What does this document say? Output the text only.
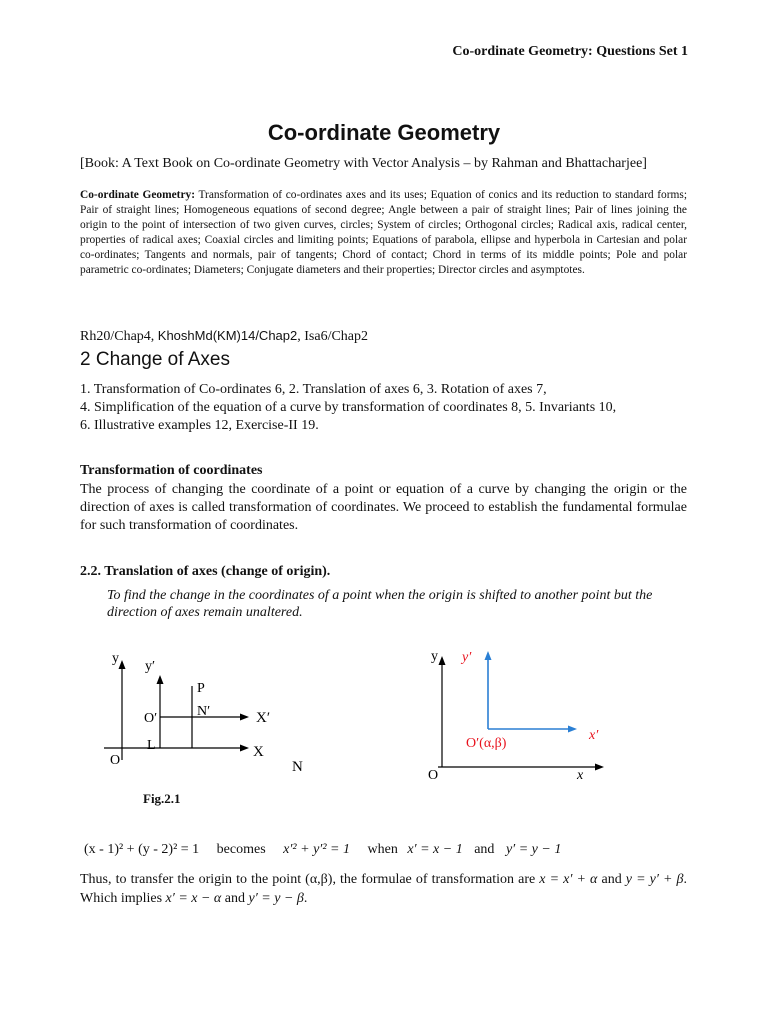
Co-ordinate Geometry: Questions Set 1
Co-ordinate Geometry
[Book: A Text Book on Co-ordinate Geometry with Vector Analysis – by Rahman and Bhattacharjee]
Co-ordinate Geometry: Transformation of co-ordinates axes and its uses; Equation of conics and its reduction to standard forms; Pair of straight lines; Homogeneous equations of second degree; Angle between a pair of straight lines; Pair of lines joining the origin to the point of intersection of two given curves, circles; System of circles; Orthogonal circles; Radical axis, radical center, properties of radical axes; Coaxial circles and limiting points; Equations of parabola, ellipse and hyperbola in Cartesian and polar co-ordinates; Tangents and normals, pair of tangents; Chord of contact; Chord in terms of its middle points; Pole and polar parametric co-ordinates; Diameters; Conjugate diameters and their properties; Director circles and asymptotes.
Rh20/Chap4, KhoshMd(KM)14/Chap2, Isa6/Chap2
2 Change of Axes
1. Transformation of Co-ordinates 6, 2. Translation of axes 6, 3. Rotation of axes 7,
4. Simplification of the equation of a curve by transformation of coordinates 8, 5. Invariants 10,
6. Illustrative examples 12, Exercise-II 19.
Transformation of coordinates
The process of changing the coordinate of a point or equation of a curve by changing the origin or the direction of axes is called transformation of coordinates. We proceed to establish the fundamental formulae for such transformation of coordinates.
2.2. Translation of axes (change of origin).
To find the change in the coordinates of a point when the origin is shifted to another point but the direction of axes remain unaltered.
y
y′
P
N′	X′
O′
L	X
O	N
y y′
x′
O′(α,β)
O	x
Fig.2.1
(x - 1)² + (y - 2)² = 1 becomes x′² + y′² = 1 when x′ = x − 1 and y′ = y − 1
Thus, to transfer the origin to the point (α,β), the formulae of transformation are x = x′ + α and y = y′ + β. Which implies x′ = x − α and y′ = y − β.
